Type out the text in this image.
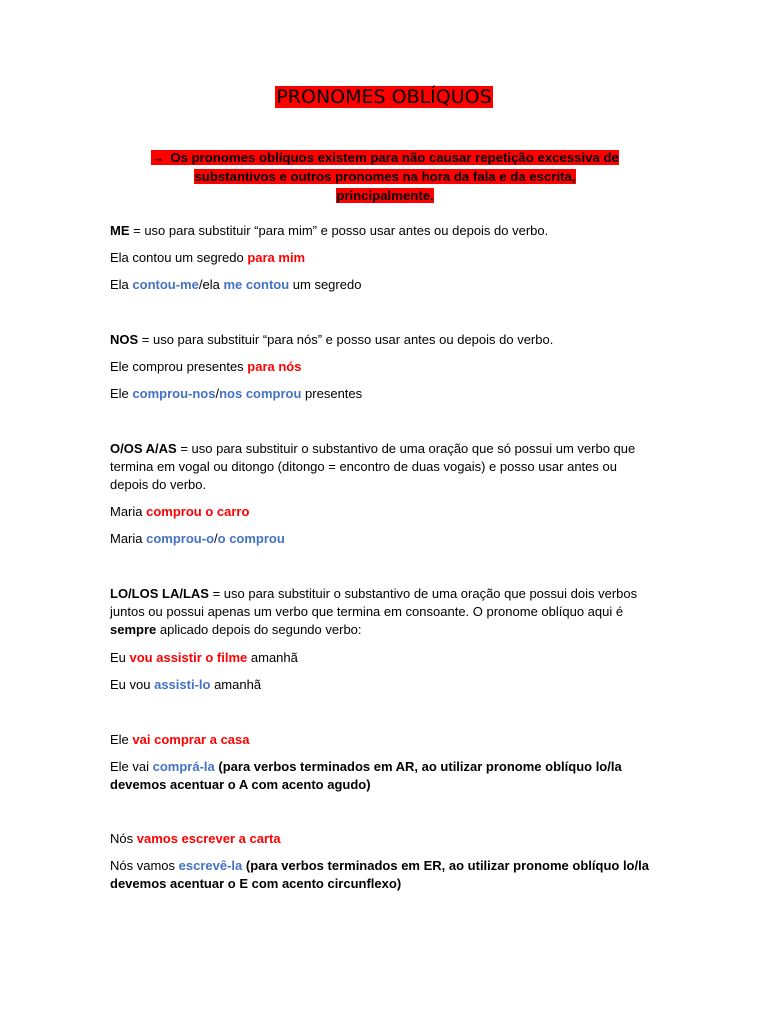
PRONOMES OBLÍQUOS
→ Os pronomes oblíquos existem para não causar repetição excessiva de substantivos e outros pronomes na hora da fala e da escrita, principalmente.
ME = uso para substituir “para mim” e posso usar antes ou depois do verbo.
Ela contou um segredo para mim
Ela contou-me/ela me contou um segredo
NOS = uso para substituir “para nós” e posso usar antes ou depois do verbo.
Ele comprou presentes para nós
Ele comprou-nos/nos comprou presentes
O/OS A/AS = uso para substituir o substantivo de uma oração que só possui um verbo que termina em vogal ou ditongo (ditongo = encontro de duas vogais) e posso usar antes ou depois do verbo.
Maria comprou o carro
Maria comprou-o/o comprou
LO/LOS LA/LAS = uso para substituir o substantivo de uma oração que possui dois verbos juntos ou possui apenas um verbo que termina em consoante. O pronome oblíquo aqui é sempre aplicado depois do segundo verbo:
Eu vou assistir o filme amanhã
Eu vou assisti-lo amanhã
Ele vai comprar a casa
Ele vai comprá-la (para verbos terminados em AR, ao utilizar pronome oblíquo lo/la devemos acentuar o A com acento agudo)
Nós vamos escrever a carta
Nós vamos escrevê-la (para verbos terminados em ER, ao utilizar pronome oblíquo lo/la devemos acentuar o E com acento circunflexo)
